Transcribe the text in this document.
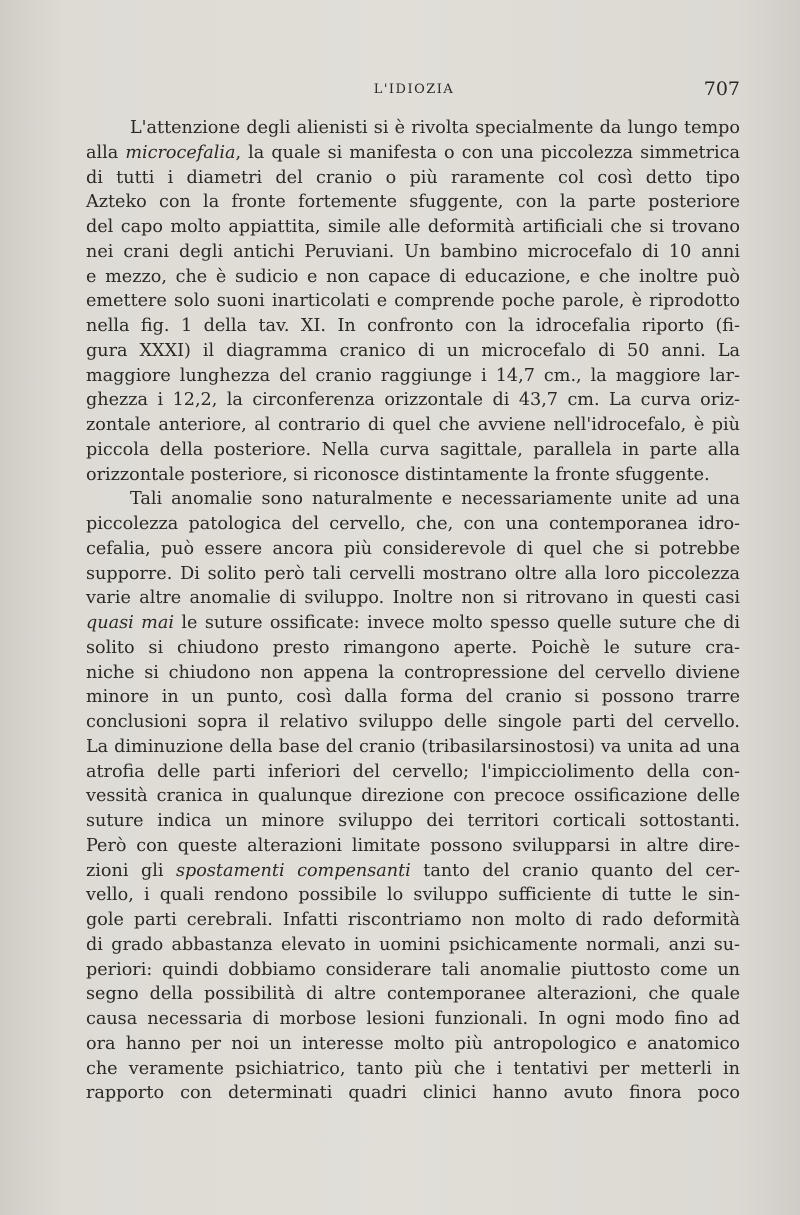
L'IDIOZIA	707
L'attenzione degli alienisti si è rivolta specialmente da lungo tempo
alla microcefalia, la quale si manifesta o con una piccolezza simmetrica
di tutti i diametri del cranio o più raramente col così detto tipo
Azteko con la fronte fortemente sfuggente, con la parte posteriore
del capo molto appiattita, simile alle deformità artificiali che si trovano
nei crani degli antichi Peruviani. Un bambino microcefalo di 10 anni
e mezzo, che è sudicio e non capace di educazione, e che inoltre può
emettere solo suoni inarticolati e comprende poche parole, è riprodotto
nella fig. 1 della tav. XI. In confronto con la idrocefalia riporto (fi-
gura XXXI) il diagramma cranico di un microcefalo di 50 anni. La
maggiore lunghezza del cranio raggiunge i 14,7 cm., la maggiore lar-
ghezza i 12,2, la circonferenza orizzontale di 43,7 cm. La curva oriz-
zontale anteriore, al contrario di quel che avviene nell'idrocefalo, è più
piccola della posteriore. Nella curva sagittale, parallela in parte alla
orizzontale posteriore, si riconosce distintamente la fronte sfuggente.
Tali anomalie sono naturalmente e necessariamente unite ad una
piccolezza patologica del cervello, che, con una contemporanea idro-
cefalia, può essere ancora più considerevole di quel che si potrebbe
supporre. Di solito però tali cervelli mostrano oltre alla loro piccolezza
varie altre anomalie di sviluppo. Inoltre non si ritrovano in questi casi
quasi mai le suture ossificate: invece molto spesso quelle suture che di
solito si chiudono presto rimangono aperte. Poichè le suture cra-
niche si chiudono non appena la contropressione del cervello diviene
minore in un punto, così dalla forma del cranio si possono trarre
conclusioni sopra il relativo sviluppo delle singole parti del cervello.
La diminuzione della base del cranio (tribasilarsinostosi) va unita ad una
atrofia delle parti inferiori del cervello; l'impicciolimento della con-
vessità cranica in qualunque direzione con precoce ossificazione delle
suture indica un minore sviluppo dei territori corticali sottostanti.
Però con queste alterazioni limitate possono svilupparsi in altre dire-
zioni gli spostamenti compensanti tanto del cranio quanto del cer-
vello, i quali rendono possibile lo sviluppo sufficiente di tutte le sin-
gole parti cerebrali. Infatti riscontriamo non molto di rado deformità
di grado abbastanza elevato in uomini psichicamente normali, anzi su-
periori: quindi dobbiamo considerare tali anomalie piuttosto come un
segno della possibilità di altre contemporanee alterazioni, che quale
causa necessaria di morbose lesioni funzionali. In ogni modo fino ad
ora hanno per noi un interesse molto più antropologico e anatomico
che veramente psichiatrico, tanto più che i tentativi per metterli in
rapporto con determinati quadri clinici hanno avuto finora poco
